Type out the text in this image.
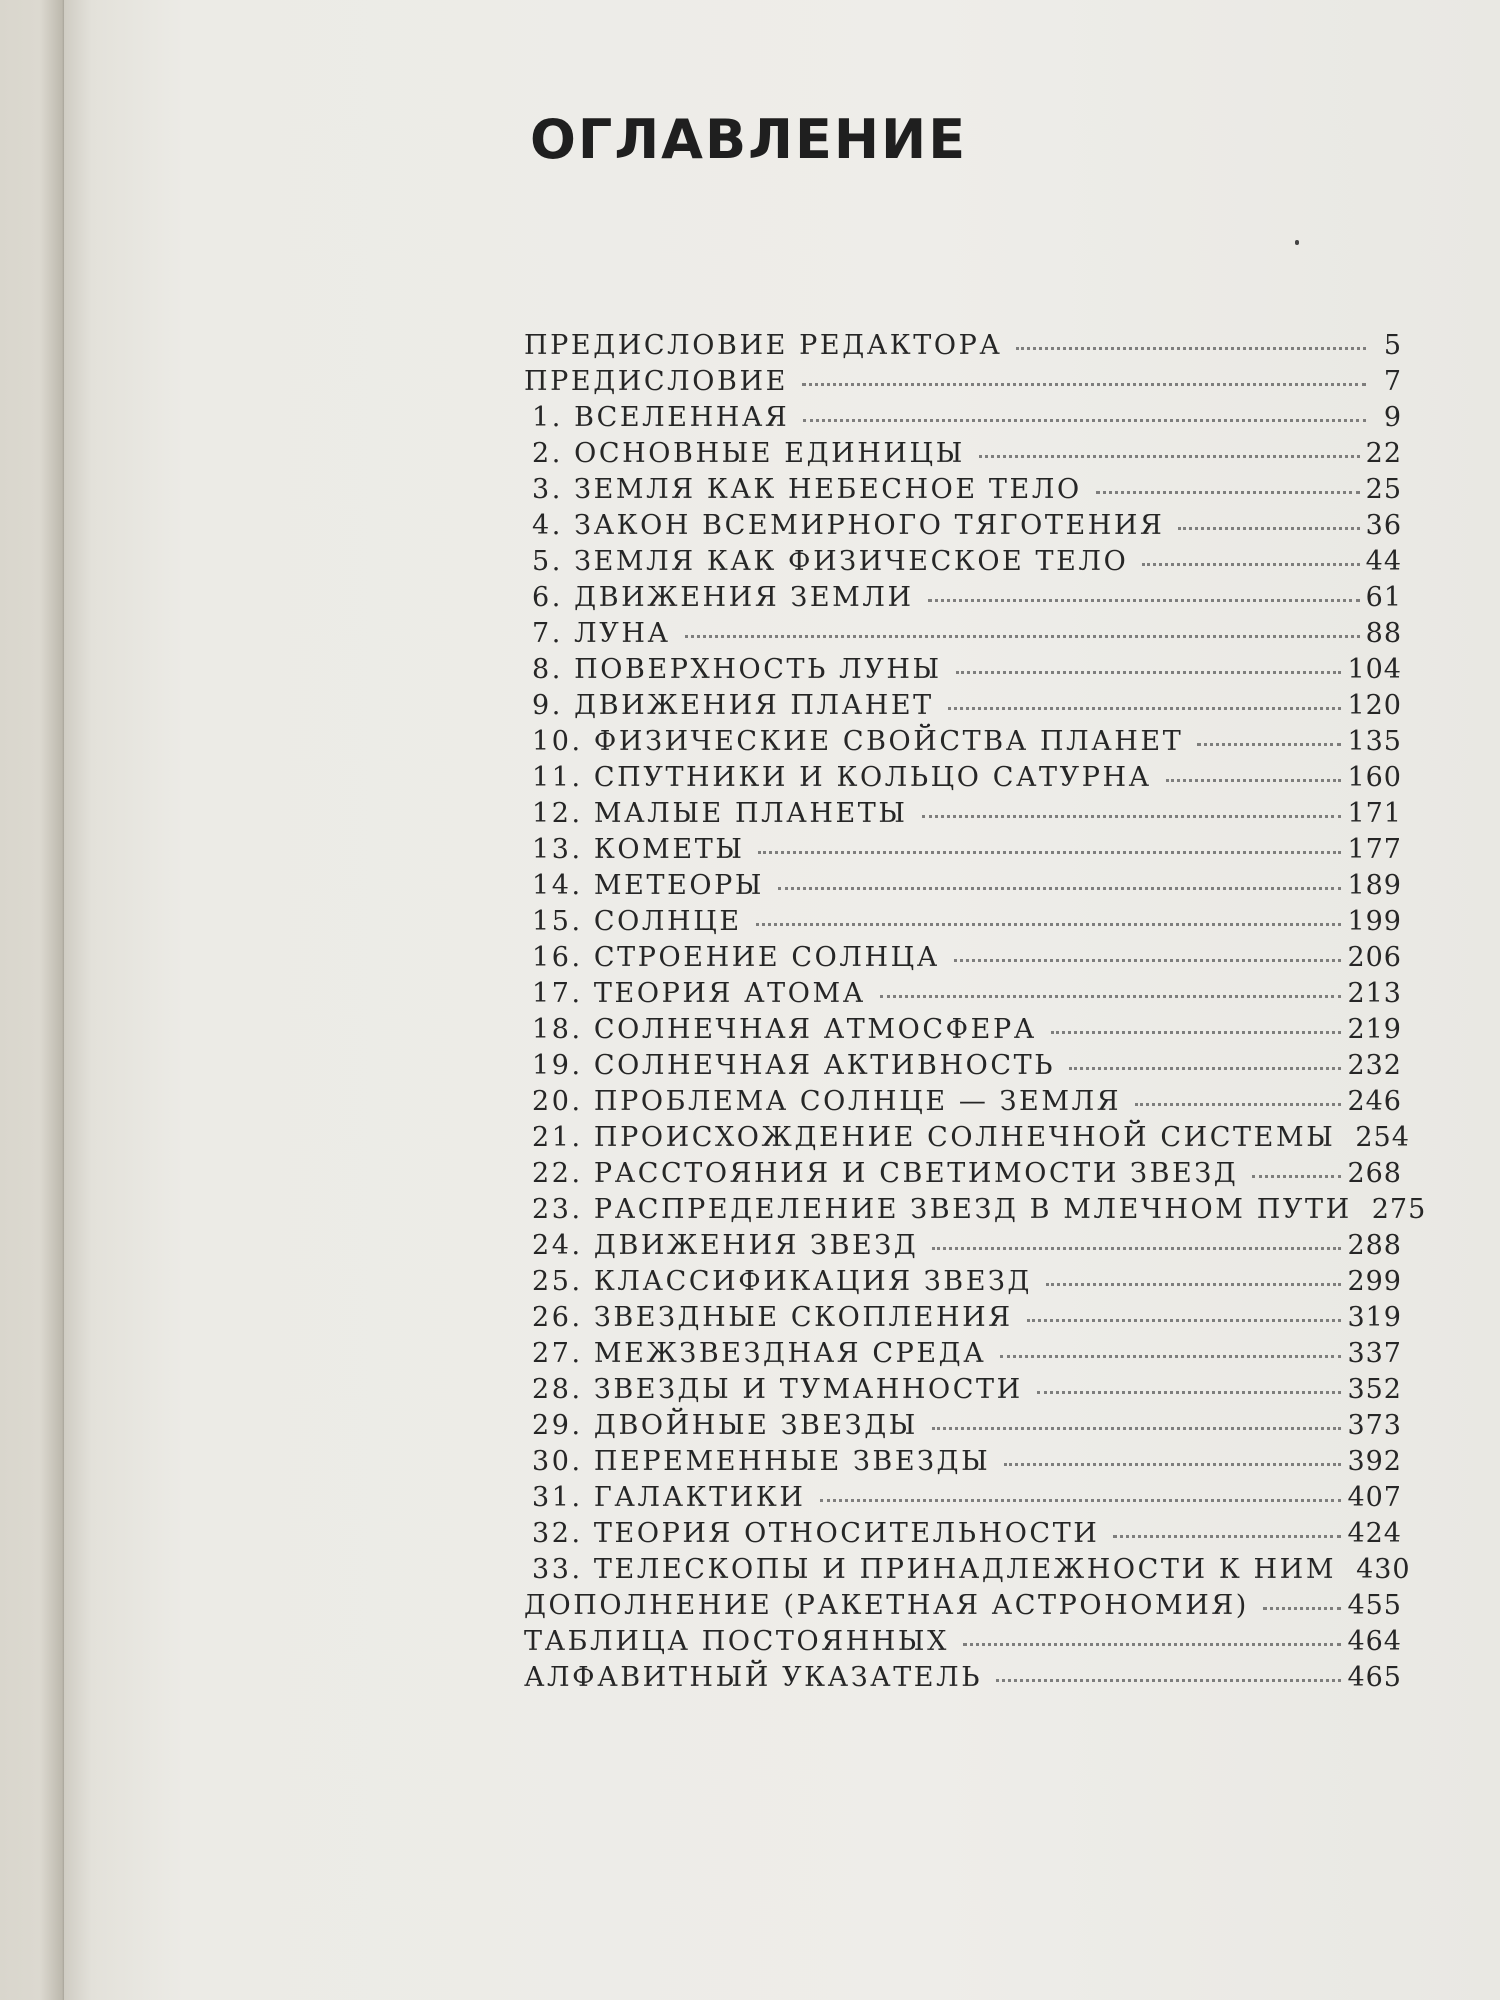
ОГЛАВЛЕНИЕ
ПРЕДИСЛОВИЕ РЕДАКТОРА	5
ПРЕДИСЛОВИЕ	7
1. ВСЕЛЕННАЯ	9
2. ОСНОВНЫЕ ЕДИНИЦЫ	22
3. ЗЕМЛЯ КАК НЕБЕСНОЕ ТЕЛО	25
4. ЗАКОН ВСЕМИРНОГО ТЯГОТЕНИЯ	36
5. ЗЕМЛЯ КАК ФИЗИЧЕСКОЕ ТЕЛО	44
6. ДВИЖЕНИЯ ЗЕМЛИ	61
7. ЛУНА	88
8. ПОВЕРХНОСТЬ ЛУНЫ	104
9. ДВИЖЕНИЯ ПЛАНЕТ	120
10. ФИЗИЧЕСКИЕ СВОЙСТВА ПЛАНЕТ	135
11. СПУТНИКИ И КОЛЬЦО САТУРНА	160
12. МАЛЫЕ ПЛАНЕТЫ	171
13. КОМЕТЫ	177
14. МЕТЕОРЫ	189
15. СОЛНЦЕ	199
16. СТРОЕНИЕ СОЛНЦА	206
17. ТЕОРИЯ АТОМА	213
18. СОЛНЕЧНАЯ АТМОСФЕРА	219
19. СОЛНЕЧНАЯ АКТИВНОСТЬ	232
20. ПРОБЛЕМА СОЛНЦЕ — ЗЕМЛЯ	246
21. ПРОИСХОЖДЕНИЕ СОЛНЕЧНОЙ СИСТЕМЫ 254
22. РАССТОЯНИЯ И СВЕТИМОСТИ ЗВЕЗД	268
23. РАСПРЕДЕЛЕНИЕ ЗВЕЗД В МЛЕЧНОМ ПУТИ 275
24. ДВИЖЕНИЯ ЗВЕЗД	288
25. КЛАССИФИКАЦИЯ ЗВЕЗД	299
26. ЗВЕЗДНЫЕ СКОПЛЕНИЯ	319
27. МЕЖЗВЕЗДНАЯ СРЕДА	337
28. ЗВЕЗДЫ И ТУМАННОСТИ	352
29. ДВОЙНЫЕ ЗВЕЗДЫ	373
30. ПЕРЕМЕННЫЕ ЗВЕЗДЫ	392
31. ГАЛАКТИКИ	407
32. ТЕОРИЯ ОТНОСИТЕЛЬНОСТИ	424
33. ТЕЛЕСКОПЫ И ПРИНАДЛЕЖНОСТИ К НИМ 430
ДОПОЛНЕНИЕ (РАКЕТНАЯ АСТРОНОМИЯ)	455
ТАБЛИЦА ПОСТОЯННЫХ	464
АЛФАВИТНЫЙ УКАЗАТЕЛЬ	465
